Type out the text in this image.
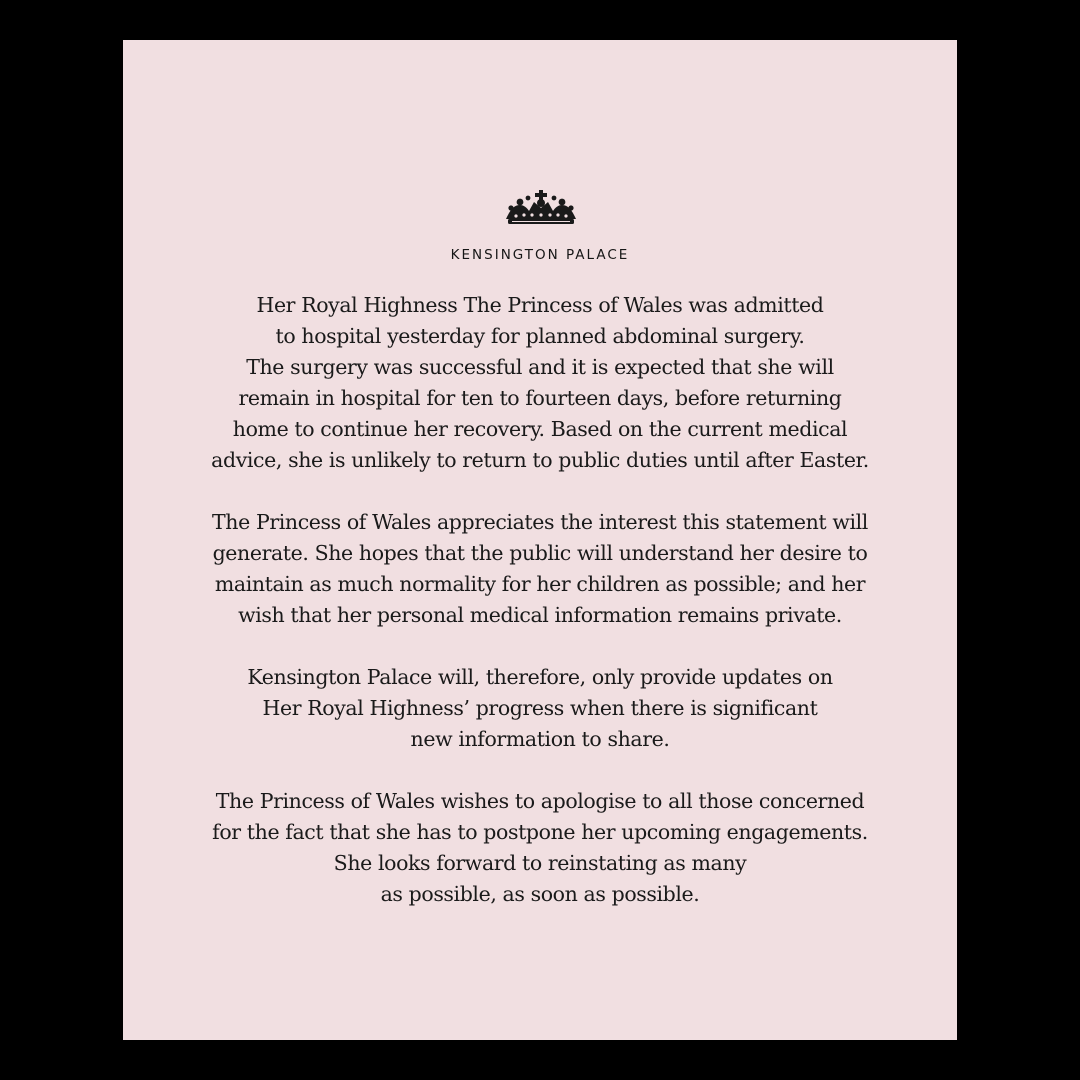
KENSINGTON PALACE

Her Royal Highness The Princess of Wales was admitted
to hospital yesterday for planned abdominal surgery.
The surgery was successful and it is expected that she will
remain in hospital for ten to fourteen days, before returning
home to continue her recovery. Based on the current medical
advice, she is unlikely to return to public duties until after Easter.

The Princess of Wales appreciates the interest this statement will
generate. She hopes that the public will understand her desire to
maintain as much normality for her children as possible; and her
wish that her personal medical information remains private.

Kensington Palace will, therefore, only provide updates on
Her Royal Highness’ progress when there is significant
new information to share.

The Princess of Wales wishes to apologise to all those concerned
for the fact that she has to postpone her upcoming engagements.
She looks forward to reinstating as many
as possible, as soon as possible.
